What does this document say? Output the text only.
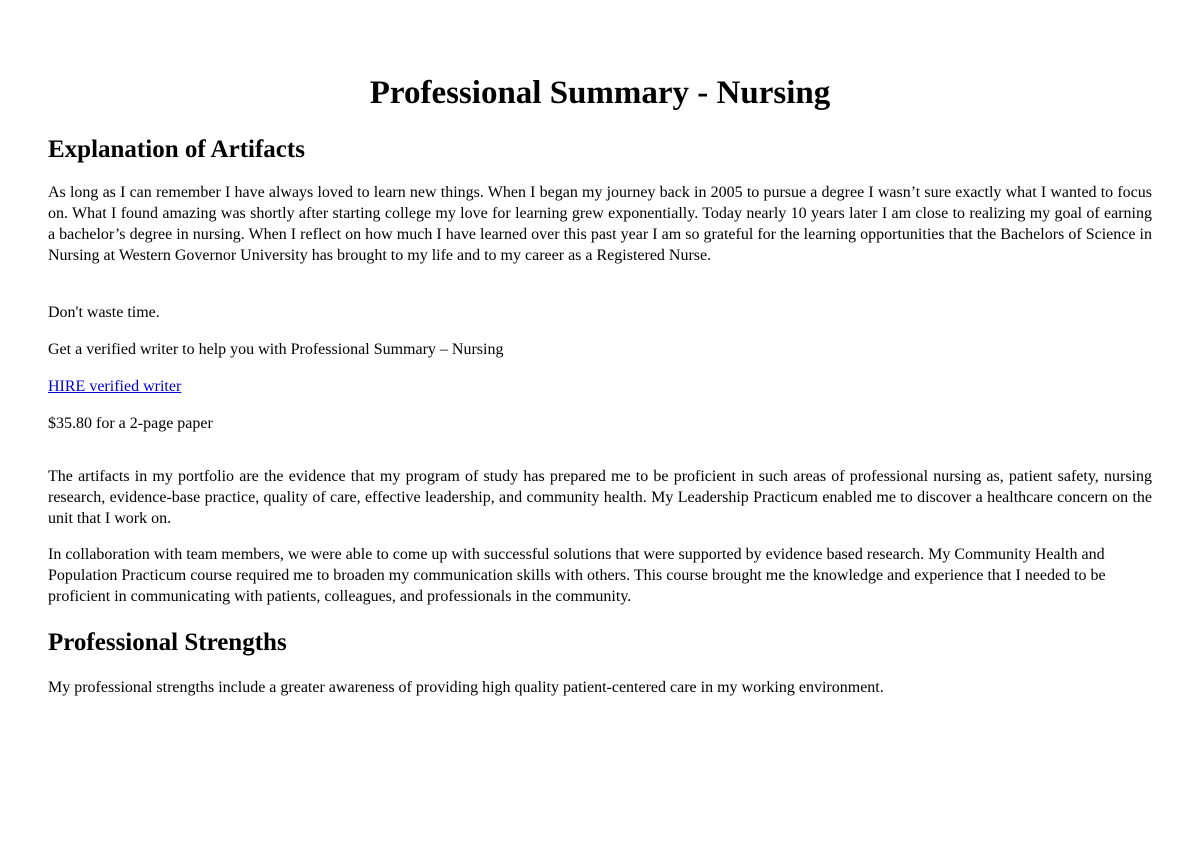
Professional Summary - Nursing
Explanation of Artifacts

As long as I can remember I have always loved to learn new things. When I began my journey back in 2005 to pursue a degree I wasn’t sure exactly what I wanted to focus on. What I found amazing was shortly after starting college my love for learning grew exponentially. Today nearly 10 years later I am close to realizing my goal of earning a bachelor’s degree in nursing. When I reflect on how much I have learned over this past year I am so grateful for the learning opportunities that the Bachelors of Science in Nursing at Western Governor University has brought to my life and to my career as a Registered Nurse.

Don't waste time.

Get a verified writer to help you with Professional Summary – Nursing

HIRE verified writer

$35.80 for a 2-page paper

The artifacts in my portfolio are the evidence that my program of study has prepared me to be proficient in such areas of professional nursing as, patient safety, nursing research, evidence-base practice, quality of care, effective leadership, and community health. My Leadership Practicum enabled me to discover a healthcare concern on the unit that I work on.

In collaboration with team members, we were able to come up with successful solutions that were supported by evidence based research. My Community Health and Population Practicum course required me to broaden my communication skills with others. This course brought me the knowledge and experience that I needed to be proficient in communicating with patients, colleagues, and professionals in the community.

Professional Strengths

My professional strengths include a greater awareness of providing high quality patient-centered care in my working environment.
